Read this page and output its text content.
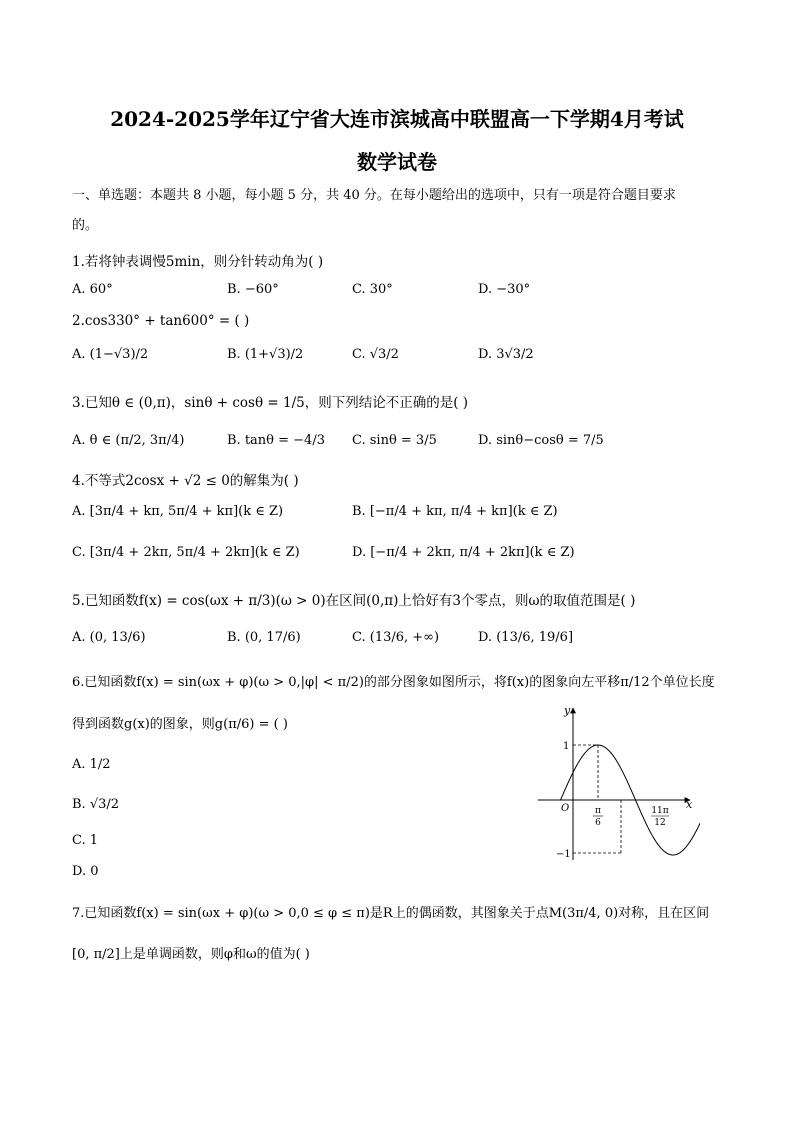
2024-2025学年辽宁省大连市滨城高中联盟高一下学期4月考试
数学试卷
一、单选题：本题共 8 小题，每小题 5 分，共 40 分。在每小题给出的选项中，只有一项是符合题目要求
的。
1.若将钟表调慢5min，则分针转动角为( )
A. 60°	B. −60°	C. 30°	D. −30°
2.cos330° + tan600° = ( )
A. (1−√3)/2	B. (1+√3)/2	C. √3/2	D. 3√3/2
3.已知θ ∈ (0,π)，sinθ + cosθ = 1/5，则下列结论不正确的是( )
A. θ ∈ (π/2, 3π/4)	B. tanθ = −4/3 C. sinθ = 3/5	D. sinθ−cosθ = 7/5
4.不等式2cosx + √2 ≤ 0的解集为( )
A. [3π/4 + kπ, 5π/4 + kπ](k ∈ Z)	B. [−π/4 + kπ, π/4 + kπ](k ∈ Z)
C. [3π/4 + 2kπ, 5π/4 + 2kπ](k ∈ Z)	D. [−π/4 + 2kπ, π/4 + 2kπ](k ∈ Z)
5.已知函数f(x) = cos(ωx + π/3)(ω > 0)在区间(0,π)上恰好有3个零点，则ω的取值范围是( )
A. (0, 13/6)	B. (0, 17/6)	C. (13/6, +∞)	D. (13/6, 19/6]
6.已知函数f(x) = sin(ωx + φ)(ω > 0,|φ| < π/2)的部分图象如图所示，将f(x)的图象向左平移π/12个单位长度
得到函数g(x)的图象，则g(π/6) = ( )
A. 1/2
B. √3/2
C. 1
D. 0
y
x
O
1
−1
π
6
11π
12
7.已知函数f(x) = sin(ωx + φ)(ω > 0,0 ≤ φ ≤ π)是R上的偶函数，其图象关于点M(3π/4, 0)对称，且在区间
[0, π/2]上是单调函数，则φ和ω的值为( )
